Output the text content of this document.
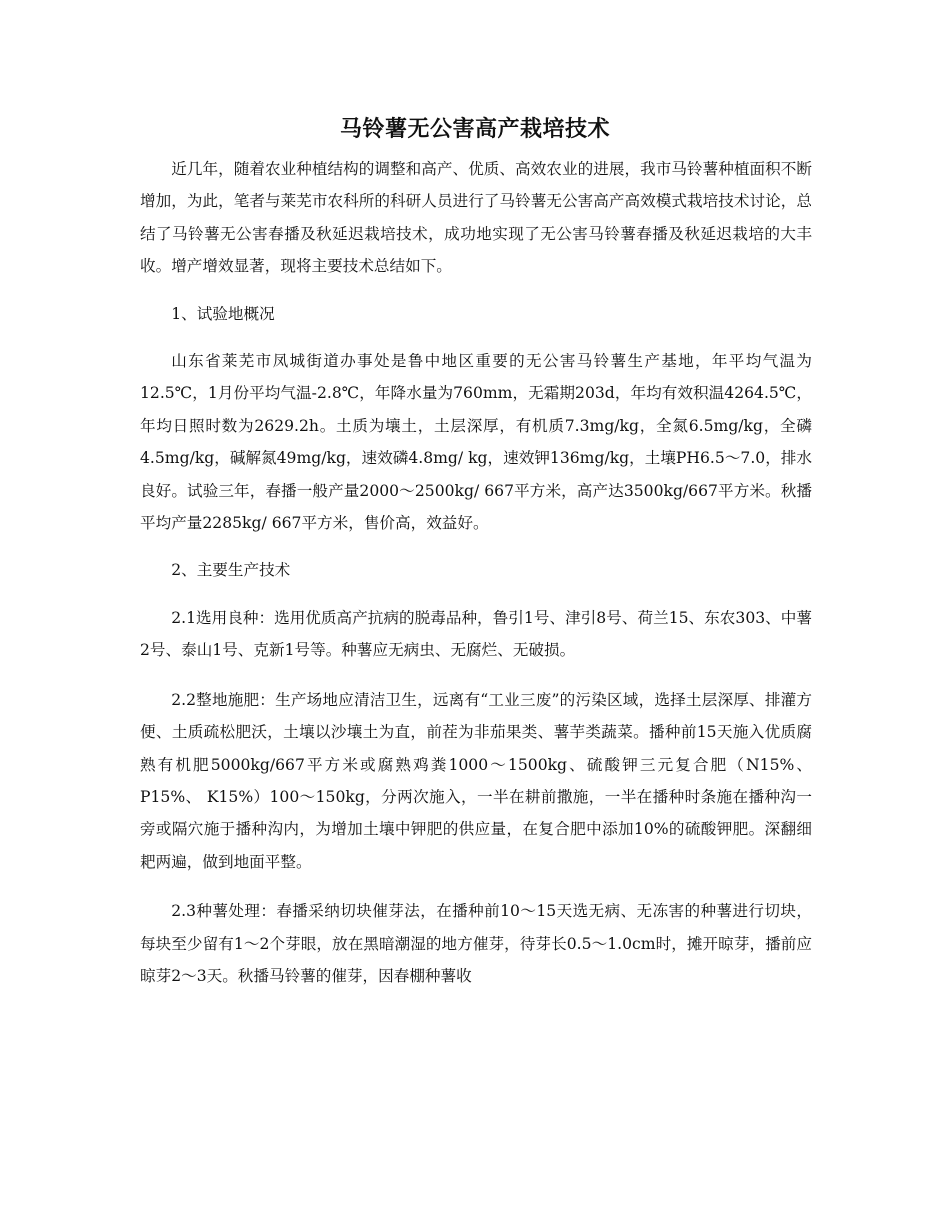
马铃薯无公害高产栽培技术

近几年，随着农业种植结构的调整和高产、优质、高效农业的进展，我市马铃薯种植面积不断增加，为此，笔者与莱芜市农科所的科研人员进行了马铃薯无公害高产高效模式栽培技术讨论，总结了马铃薯无公害春播及秋延迟栽培技术，成功地实现了无公害马铃薯春播及秋延迟栽培的大丰收。增产增效显著，现将主要技术总结如下。

1、试验地概况

山东省莱芜市凤城街道办事处是鲁中地区重要的无公害马铃薯生产基地，年平均气温为12.5℃，1月份平均气温-2.8℃，年降水量为760mm，无霜期203d，年均有效积温4264.5℃，年均日照时数为2629.2h。土质为壤土，土层深厚，有机质7.3mg/kg，全氮6.5mg/kg，全磷4.5mg/kg，碱解氮49mg/kg，速效磷4.8mg/ kg，速效钾136mg/kg，土壤PH6.5～7.0，排水良好。试验三年，春播一般产量2000～2500kg/ 667平方米，高产达3500kg/667平方米。秋播平均产量2285kg/ 667平方米，售价高，效益好。

2、主要生产技术

2.1选用良种：选用优质高产抗病的脱毒品种，鲁引1号、津引8号、荷兰15、东农303、中薯2号、泰山1号、克新1号等。种薯应无病虫、无腐烂、无破损。

2.2整地施肥：生产场地应清洁卫生，远离有“工业三废”的污染区域，选择土层深厚、排灌方便、土质疏松肥沃，土壤以沙壤土为直，前茬为非茄果类、薯芋类蔬菜。播种前15天施入优质腐熟有机肥5000kg/667平方米或腐熟鸡粪1000～1500kg、硫酸钾三元复合肥（N15%、P15%、 K15%）100～150kg，分两次施入，一半在耕前撒施，一半在播种时条施在播种沟一旁或隔穴施于播种沟内，为增加土壤中钾肥的供应量，在复合肥中添加10%的硫酸钾肥。深翻细耙两遍，做到地面平整。

2.3种薯处理：春播采纳切块催芽法，在播种前10～15天选无病、无冻害的种薯进行切块，每块至少留有1～2个芽眼，放在黑暗潮湿的地方催芽，待芽长0.5～1.0cm时，摊开晾芽，播前应晾芽2～3天。秋播马铃薯的催芽，因春棚种薯收
